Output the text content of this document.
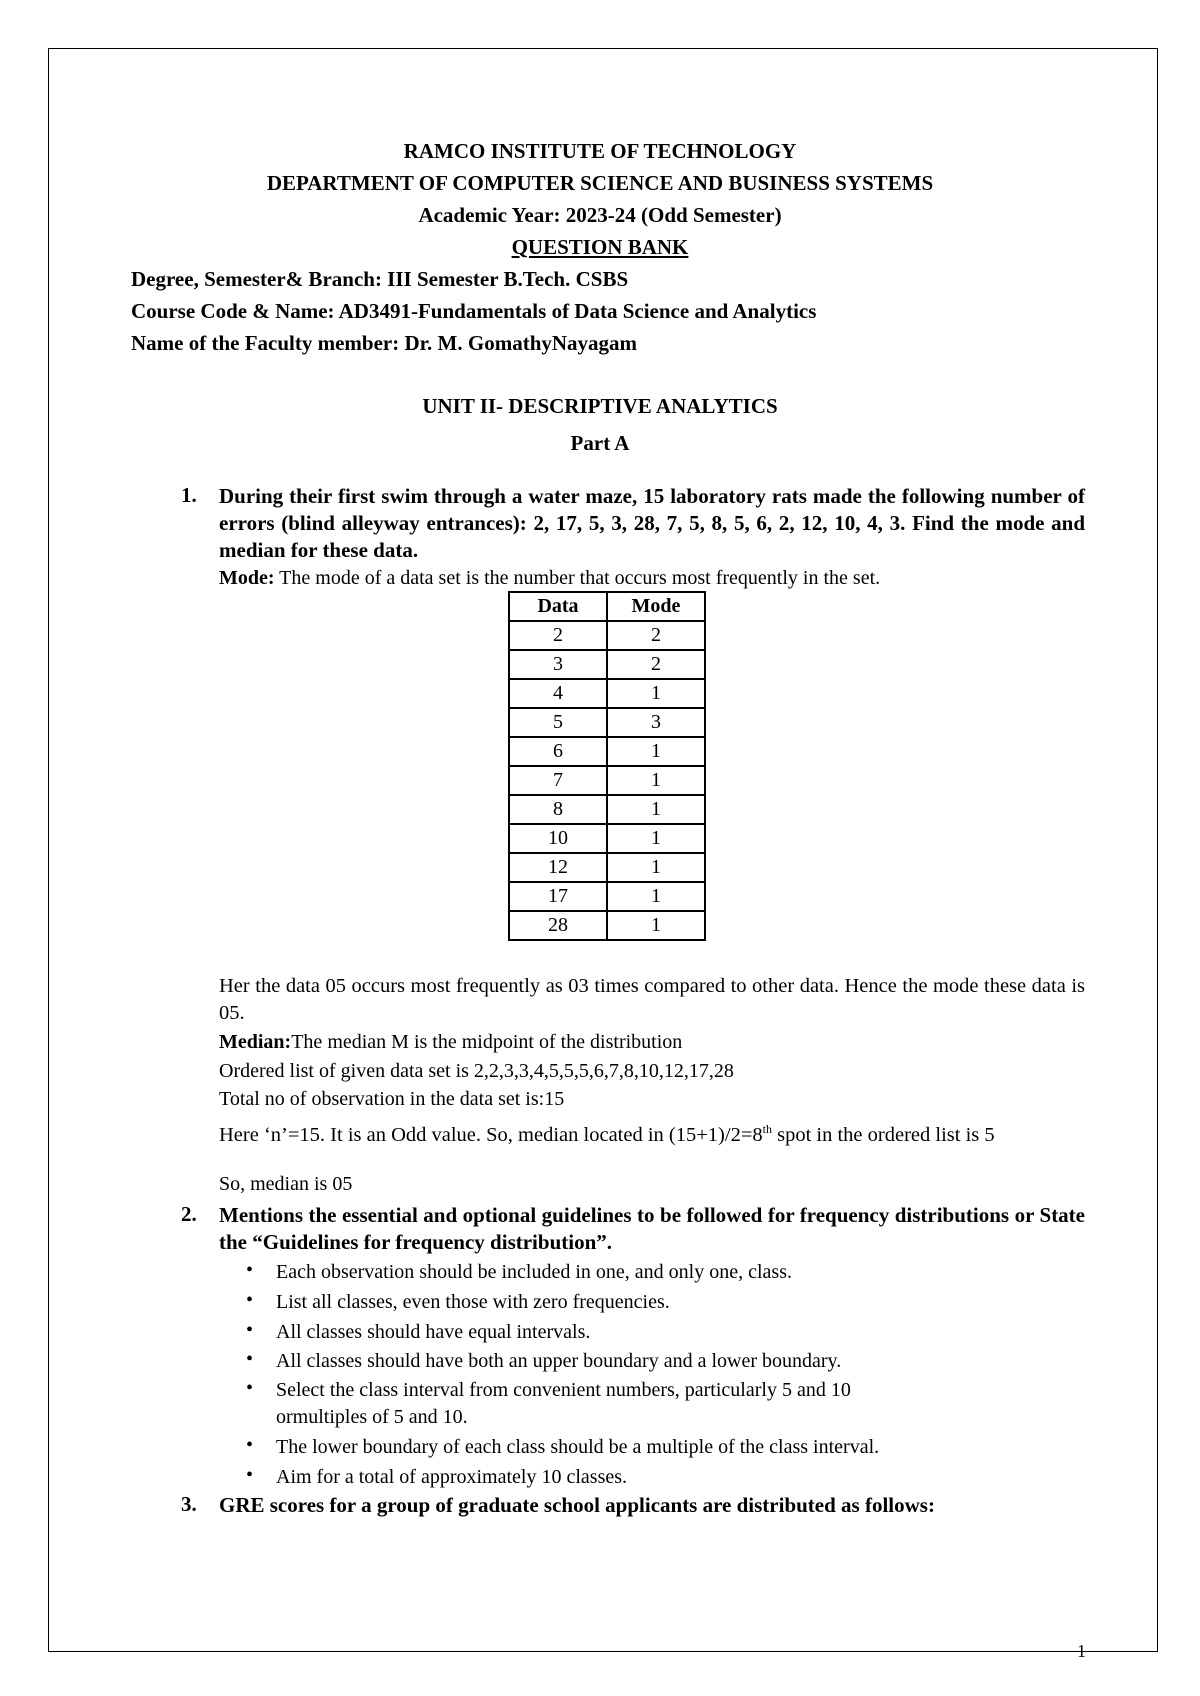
RAMCO INSTITUTE OF TECHNOLOGY
DEPARTMENT OF COMPUTER SCIENCE AND BUSINESS SYSTEMS
Academic Year: 2023-24 (Odd Semester)
QUESTION BANK
Degree, Semester& Branch: III Semester B.Tech. CSBS
Course Code & Name: AD3491-Fundamentals of Data Science and Analytics
Name of the Faculty member: Dr. M. GomathyNayagam
UNIT II- DESCRIPTIVE ANALYTICS
Part A
1. During their first swim through a water maze, 15 laboratory rats made the following number of errors (blind alleyway entrances): 2, 17, 5, 3, 28, 7, 5, 8, 5, 6, 2, 12, 10, 4, 3. Find the mode and median for these data.
Mode: The mode of a data set is the number that occurs most frequently in the set.
Data	Mode
2	2
3	2
4	1
5	3
6	1
7	1
8	1
10	1
12	1
17	1
28	1
Her the data 05 occurs most frequently as 03 times compared to other data. Hence the mode these data is 05.
Median:The median M is the midpoint of the distribution
Ordered list of given data set is 2,2,3,3,4,5,5,5,6,7,8,10,12,17,28
Total no of observation in the data set is:15
Here ‘n’=15. It is an Odd value. So, median located in (15+1)/2=8th spot in the ordered list is 5
So, median is 05
2. Mentions the essential and optional guidelines to be followed for frequency distributions or State the “Guidelines for frequency distribution”.
• Each observation should be included in one, and only one, class.
• List all classes, even those with zero frequencies.
• All classes should have equal intervals.
• All classes should have both an upper boundary and a lower boundary.
• Select the class interval from convenient numbers, particularly 5 and 10
ormultiples of 5 and 10.
• The lower boundary of each class should be a multiple of the class interval.
• Aim for a total of approximately 10 classes.
3. GRE scores for a group of graduate school applicants are distributed as follows:
1
